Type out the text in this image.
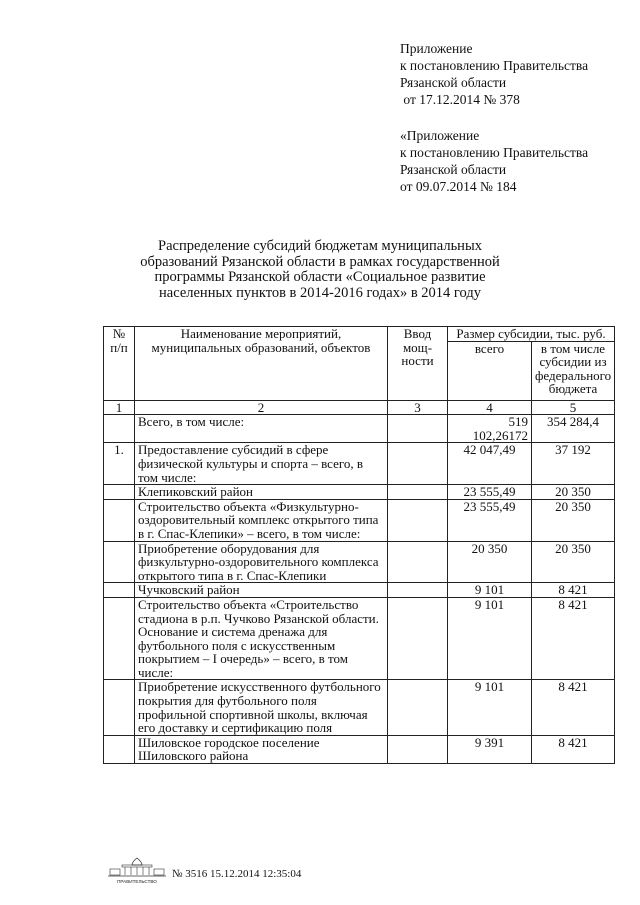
Приложение
к постановлению Правительства
Рязанской области
от 17.12.2014 № 378
«Приложение
к постановлению Правительства
Рязанской области
от 09.07.2014 № 184
Распределение субсидий бюджетам муниципальных
образований Рязанской области в рамках государственной
программы Рязанской области «Социальное развитие
населенных пунктов в 2014-2016 годах» в 2014 году
№ п/п	Наименование мероприятий, муниципальных образований, объектов	Ввод мощ-ности	Размер субсидии, тыс. руб.	
			всего	в том числе субсидии из федерального бюджета
1	2	3	4	5
	Всего, в том числе:		519 102,26172	354 284,4
1.	Предоставление субсидий в сфере физической культуры и спорта – всего, в том числе:		42 047,49	37 192
	Клепиковский район		23 555,49	20 350
	Строительство объекта «Физкультурно-оздоровительный комплекс открытого типа в г. Спас-Клепики» – всего, в том числе:		23 555,49	20 350
	Приобретение оборудования для физкультурно-оздоровительного комплекса открытого типа в г. Спас-Клепики		20 350	20 350
	Чучковский район		9 101	8 421
	Строительство объекта «Строительство стадиона в р.п. Чучково Рязанской области. Основание и система дренажа для футбольного поля с искусственным покрытием – I очередь» – всего, в том числе:		9 101	8 421
	Приобретение искусственного футбольного покрытия для футбольного поля профильной спортивной школы, включая его доставку и сертификацию поля		9 101	8 421
	Шиловское городское поселение Шиловского района		9 391	8 421
ПРАВИТЕЛЬСТВО
№ 3516 15.12.2014 12:35:04
